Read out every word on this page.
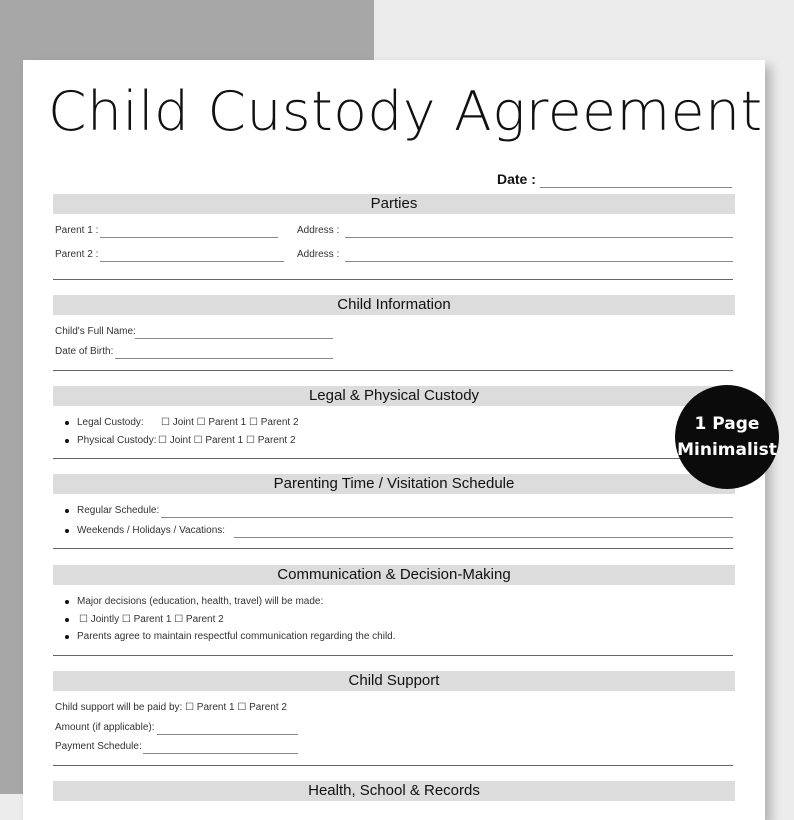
Child Custody Agreement
Date :
Parties
Parent 1 :	Address :
Parent 2 :	Address :
Child Information
Child's Full Name:
Date of Birth:
Legal & Physical Custody
Legal Custody: ☐ Joint ☐ Parent 1 ☐ Parent 2
Physical Custody: ☐ Joint ☐ Parent 1 ☐ Parent 2
Parenting Time / Visitation Schedule
Regular Schedule:
Weekends / Holidays / Vacations:
Communication & Decision-Making
Major decisions (education, health, travel) will be made:
☐ Jointly ☐ Parent 1 ☐ Parent 2
Parents agree to maintain respectful communication regarding the child.
Child Support
Child support will be paid by: ☐ Parent 1 ☐ Parent 2
Amount (if applicable):
Payment Schedule:
Health, School & Records
1 Page
Minimalist
